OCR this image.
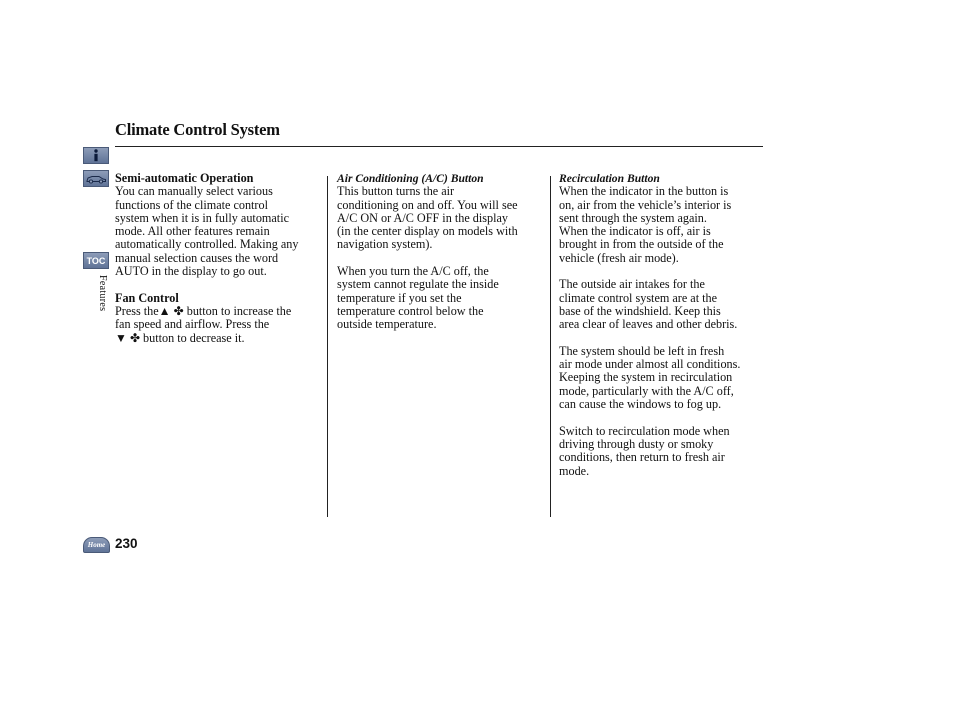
Climate Control System
TOC
Features
Home

Semi-automatic Operation

You can manually select various

functions of the climate control

system when it is in fully automatic

mode. All other features remain

automatically controlled. Making any

manual selection causes the word

AUTO in the display to go out.

Fan Control

Press the▲ ✤ button to increase the

fan speed and airflow. Press the

▼ ✤ button to decrease it.

Air Conditioning (A/C) Button

This button turns the air

conditioning on and off. You will see

A/C ON or A/C OFF in the display

(in the center display on models with

navigation system).

When you turn the A/C off, the

system cannot regulate the inside

temperature if you set the

temperature control below the

outside temperature.

Recirculation Button

When the indicator in the button is

on, air from the vehicle’s interior is

sent through the system again.

When the indicator is off, air is

brought in from the outside of the

vehicle (fresh air mode).

The outside air intakes for the

climate control system are at the

base of the windshield. Keep this

area clear of leaves and other debris.

The system should be left in fresh

air mode under almost all conditions.

Keeping the system in recirculation

mode, particularly with the A/C off,

can cause the windows to fog up.

Switch to recirculation mode when

driving through dusty or smoky

conditions, then return to fresh air

mode.

230
